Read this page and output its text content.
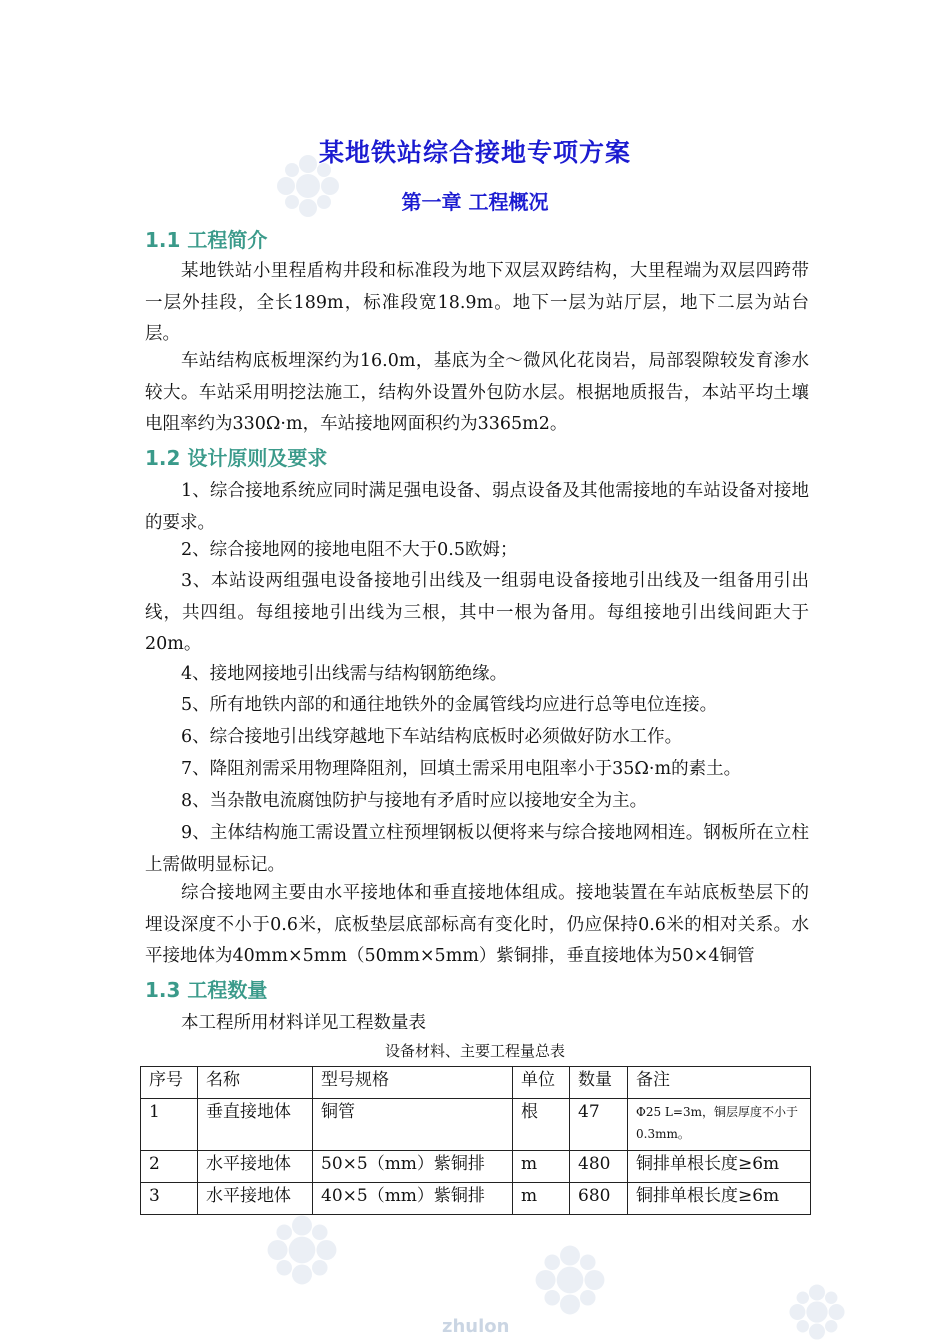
zhulon
某地铁站综合接地专项方案
第一章 工程概况
1.1 工程简介
某地铁站小里程盾构井段和标准段为地下双层双跨结构，大里程端为双层四跨带一层外挂段，全长189m，标准段宽18.9m。地下一层为站厅层，地下二层为站台层。
车站结构底板埋深约为16.0m，基底为全～微风化花岗岩，局部裂隙较发育渗水较大。车站采用明挖法施工，结构外设置外包防水层。根据地质报告，本站平均土壤电阻率约为330Ω·m，车站接地网面积约为3365m2。
1.2 设计原则及要求
1、综合接地系统应同时满足强电设备、弱点设备及其他需接地的车站设备对接地的要求。
2、综合接地网的接地电阻不大于0.5欧姆；
3、本站设两组强电设备接地引出线及一组弱电设备接地引出线及一组备用引出线，共四组。每组接地引出线为三根，其中一根为备用。每组接地引出线间距大于20m。
4、接地网接地引出线需与结构钢筋绝缘。
5、所有地铁内部的和通往地铁外的金属管线均应进行总等电位连接。
6、综合接地引出线穿越地下车站结构底板时必须做好防水工作。
7、降阻剂需采用物理降阻剂，回填土需采用电阻率小于35Ω·m的素土。
8、当杂散电流腐蚀防护与接地有矛盾时应以接地安全为主。
9、主体结构施工需设置立柱预埋钢板以便将来与综合接地网相连。钢板所在立柱上需做明显标记。
综合接地网主要由水平接地体和垂直接地体组成。接地装置在车站底板垫层下的埋设深度不小于0.6米，底板垫层底部标高有变化时，仍应保持0.6米的相对关系。水平接地体为40mm×5mm（50mm×5mm）紫铜排，垂直接地体为50×4铜管
1.3 工程数量
本工程所用材料详见工程数量表
设备材料、主要工程量总表
序号	名称	型号规格	单位	数量	备注
1	垂直接地体	铜管	根	47	Φ25 L=3m，铜层厚度不小于0.3mm。
2	水平接地体	50×5（mm）紫铜排	m	480	铜排单根长度≥6m
3	水平接地体	40×5（mm）紫铜排	m	680	铜排单根长度≥6m
